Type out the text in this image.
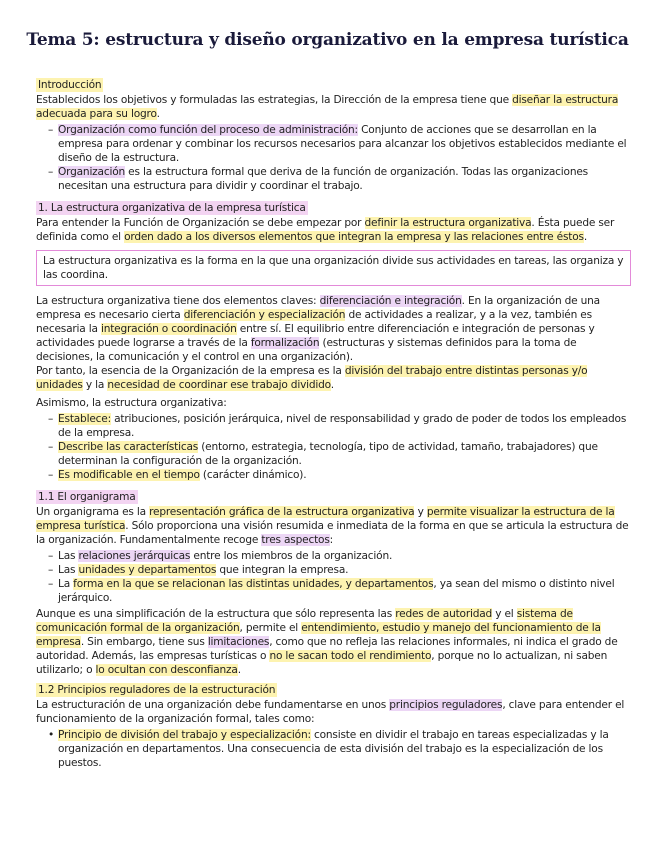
Tema 5: estructura y diseño organizativo en la empresa turística
Introducción

Establecidos los objetivos y formuladas las estrategias, la Dirección de la empresa tiene que diseñar la estructura adecuada para su logro.

– Organización como función del proceso de administración: Conjunto de acciones que se desarrollan en la empresa para ordenar y combinar los recursos necesarios para alcanzar los objetivos establecidos mediante el diseño de la estructura.
– Organización es la estructura formal que deriva de la función de organización. Todas las organizaciones necesitan una estructura para dividir y coordinar el trabajo.
1. La estructura organizativa de la empresa turística

Para entender la Función de Organización se debe empezar por definir la estructura organizativa. Ésta puede ser definida como el orden dado a los diversos elementos que integran la empresa y las relaciones entre éstos.

La estructura organizativa es la forma en la que una organización divide sus actividades en tareas, las organiza y las coordina.

La estructura organizativa tiene dos elementos claves: diferenciación e integración. En la organización de una empresa es necesario cierta diferenciación y especialización de actividades a realizar, y a la vez, también es necesaria la integración o coordinación entre sí. El equilibrio entre diferenciación e integración de personas y actividades puede lograrse a través de la formalización (estructuras y sistemas definidos para la toma de decisiones, la comunicación y el control en una organización).

Por tanto, la esencia de la Organización de la empresa es la división del trabajo entre distintas personas y/o unidades y la necesidad de coordinar ese trabajo dividido.

Asimismo, la estructura organizativa:

– Establece: atribuciones, posición jerárquica, nivel de responsabilidad y grado de poder de todos los empleados de la empresa.
– Describe las características (entorno, estrategia, tecnología, tipo de actividad, tamaño, trabajadores) que determinan la configuración de la organización.
– Es modificable en el tiempo (carácter dinámico).
1.1 El organigrama

Un organigrama es la representación gráfica de la estructura organizativa y permite visualizar la estructura de la empresa turística. Sólo proporciona una visión resumida e inmediata de la forma en que se articula la estructura de la organización. Fundamentalmente recoge tres aspectos:

– Las relaciones jerárquicas entre los miembros de la organización.
– Las unidades y departamentos que integran la empresa.
– La forma en la que se relacionan las distintas unidades, y departamentos, ya sean del mismo o distinto nivel jerárquico.

Aunque es una simplificación de la estructura que sólo representa las redes de autoridad y el sistema de comunicación formal de la organización, permite el entendimiento, estudio y manejo del funcionamiento de la empresa. Sin embargo, tiene sus limitaciones, como que no refleja las relaciones informales, ni indica el grado de autoridad. Además, las empresas turísticas o no le sacan todo el rendimiento, porque no lo actualizan, ni saben utilizarlo; o lo ocultan con desconfianza.

1.2 Principios reguladores de la estructuración

La estructuración de una organización debe fundamentarse en unos principios reguladores, clave para entender el funcionamiento de la organización formal, tales como:

• Principio de división del trabajo y especialización: consiste en dividir el trabajo en tareas especializadas y la organización en departamentos. Una consecuencia de esta división del trabajo es la especialización de los puestos.
